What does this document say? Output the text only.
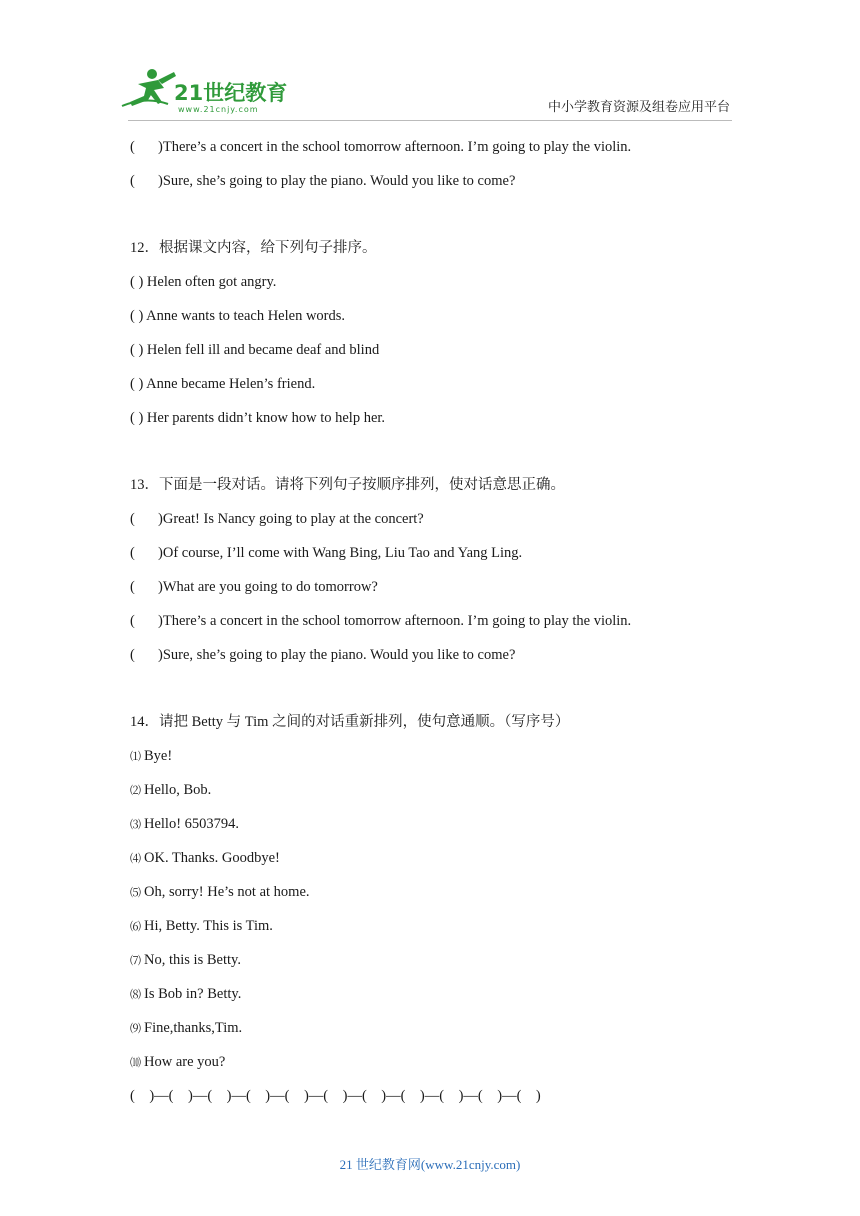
21世纪教育
www.21cnjy.com	中小学教育资源及组卷应用平台
( )There’s a concert in the school tomorrow afternoon. I’m going to play the violin.
( )Sure, she’s going to play the piano. Would you like to come?
12．根据课文内容，给下列句子排序。
( ) Helen often got angry.
( ) Anne wants to teach Helen words.
( ) Helen fell ill and became deaf and blind
( ) Anne became Helen’s friend.
( ) Her parents didn’t know how to help her.
13．下面是一段对话。请将下列句子按顺序排列，使对话意思正确。
( )Great! Is Nancy going to play at the concert?
( )Of course, I’ll come with Wang Bing, Liu Tao and Yang Ling.
( )What are you going to do tomorrow?
( )There’s a concert in the school tomorrow afternoon. I’m going to play the violin.
( )Sure, she’s going to play the piano. Would you like to come?
14．请把 Betty 与 Tim 之间的对话重新排列，使句意通顺。（写序号）
⑴ Bye!
⑵ Hello, Bob.
⑶ Hello! 6503794.
⑷ OK. Thanks. Goodbye!
⑸ Oh, sorry! He’s not at home.
⑹ Hi, Betty. This is Tim.
⑺ No, this is Betty.
⑻ Is Bob in? Betty.
⑼ Fine,thanks,Tim.
⑽ How are you?
(    )—(    )—(    )—(    )—(    )—(    )—(    )—(    )—(    )—(    )—(    )
21 世纪教育网(www.21cnjy.com)
